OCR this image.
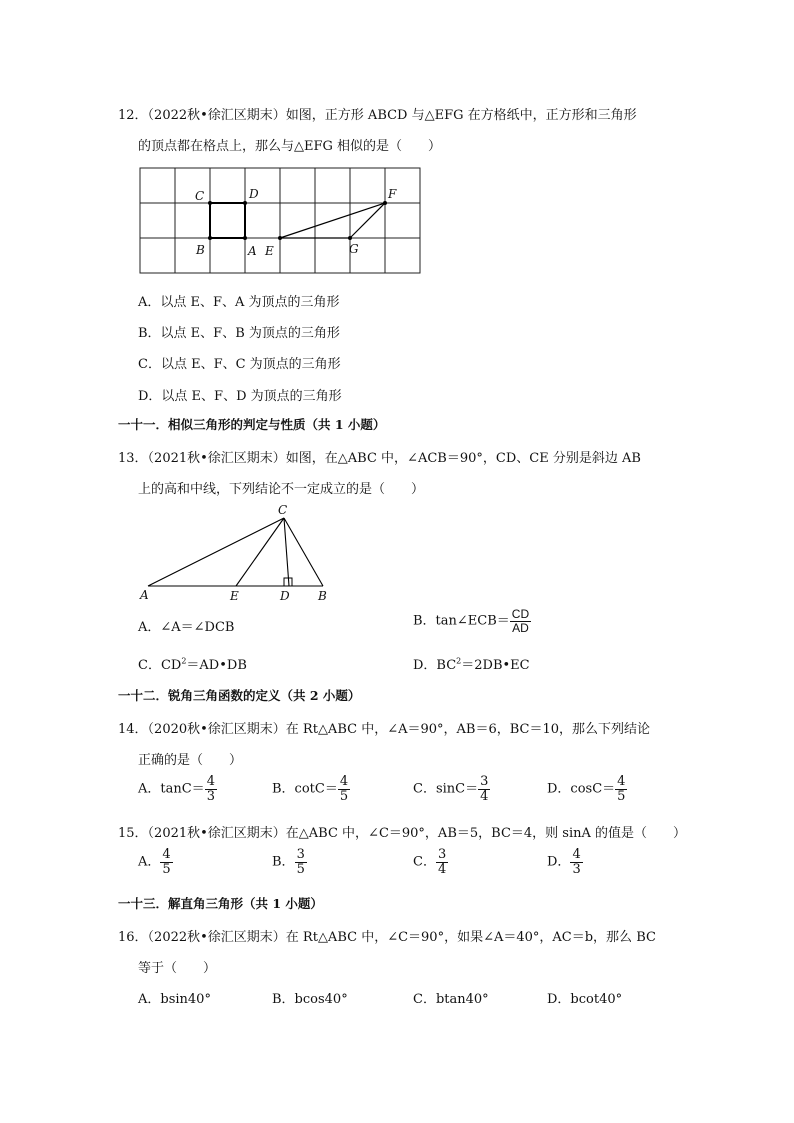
12．（2022秋•徐汇区期末）如图，正方形 ABCD 与△EFG 在方格纸中，正方形和三角形
的顶点都在格点上，那么与△EFG 相似的是（　　）
C	D	F
B	A E	G
A．以点 E、F、A 为顶点的三角形
B．以点 E、F、B 为顶点的三角形
C．以点 E、F、C 为顶点的三角形
D．以点 E、F、D 为顶点的三角形
一十一．相似三角形的判定与性质（共 1 小题）
13．（2021秋•徐汇区期末）如图，在△ABC 中，∠ACB＝90°，CD、CE 分别是斜边 AB
上的高和中线，下列结论不一定成立的是（　　）
C
A	E	D B
A．∠A＝∠DCB	B．tan∠ECB＝ $\frac{CD}{AD}$
C．$CD^2=AD•DB$	D．$BC^2=2DB•EC$
一十二．锐角三角函数的定义（共 2 小题）
14．（2020秋•徐汇区期末）在 Rt△ABC 中，∠A＝90°，AB＝6，BC＝10，那么下列结论
正确的是（　　）
A．$\tan C= \frac{4}{3}$	B．$\cot C= \frac{4}{5}$	C．$\sin C= \frac{3}{4}$	D．$\cos C= \frac{4}{5}$
15．（2021秋•徐汇区期末）在△ABC 中，∠C＝90°，AB＝5，BC＝4，则 sinA 的值是（　　）
A． $\frac{4}{5}$	B． $\frac{3}{5}$	C． $\frac{3}{4}$	D． $\frac{4}{3}$
一十三．解直角三角形（共 1 小题）
16．（2022秋•徐汇区期末）在 Rt△ABC 中，∠C＝90°，如果∠A＝40°，AC＝b，那么 BC
等于（　　）
A．bsin40°	B．bcos40°	C．btan40°	D．bcot40°
